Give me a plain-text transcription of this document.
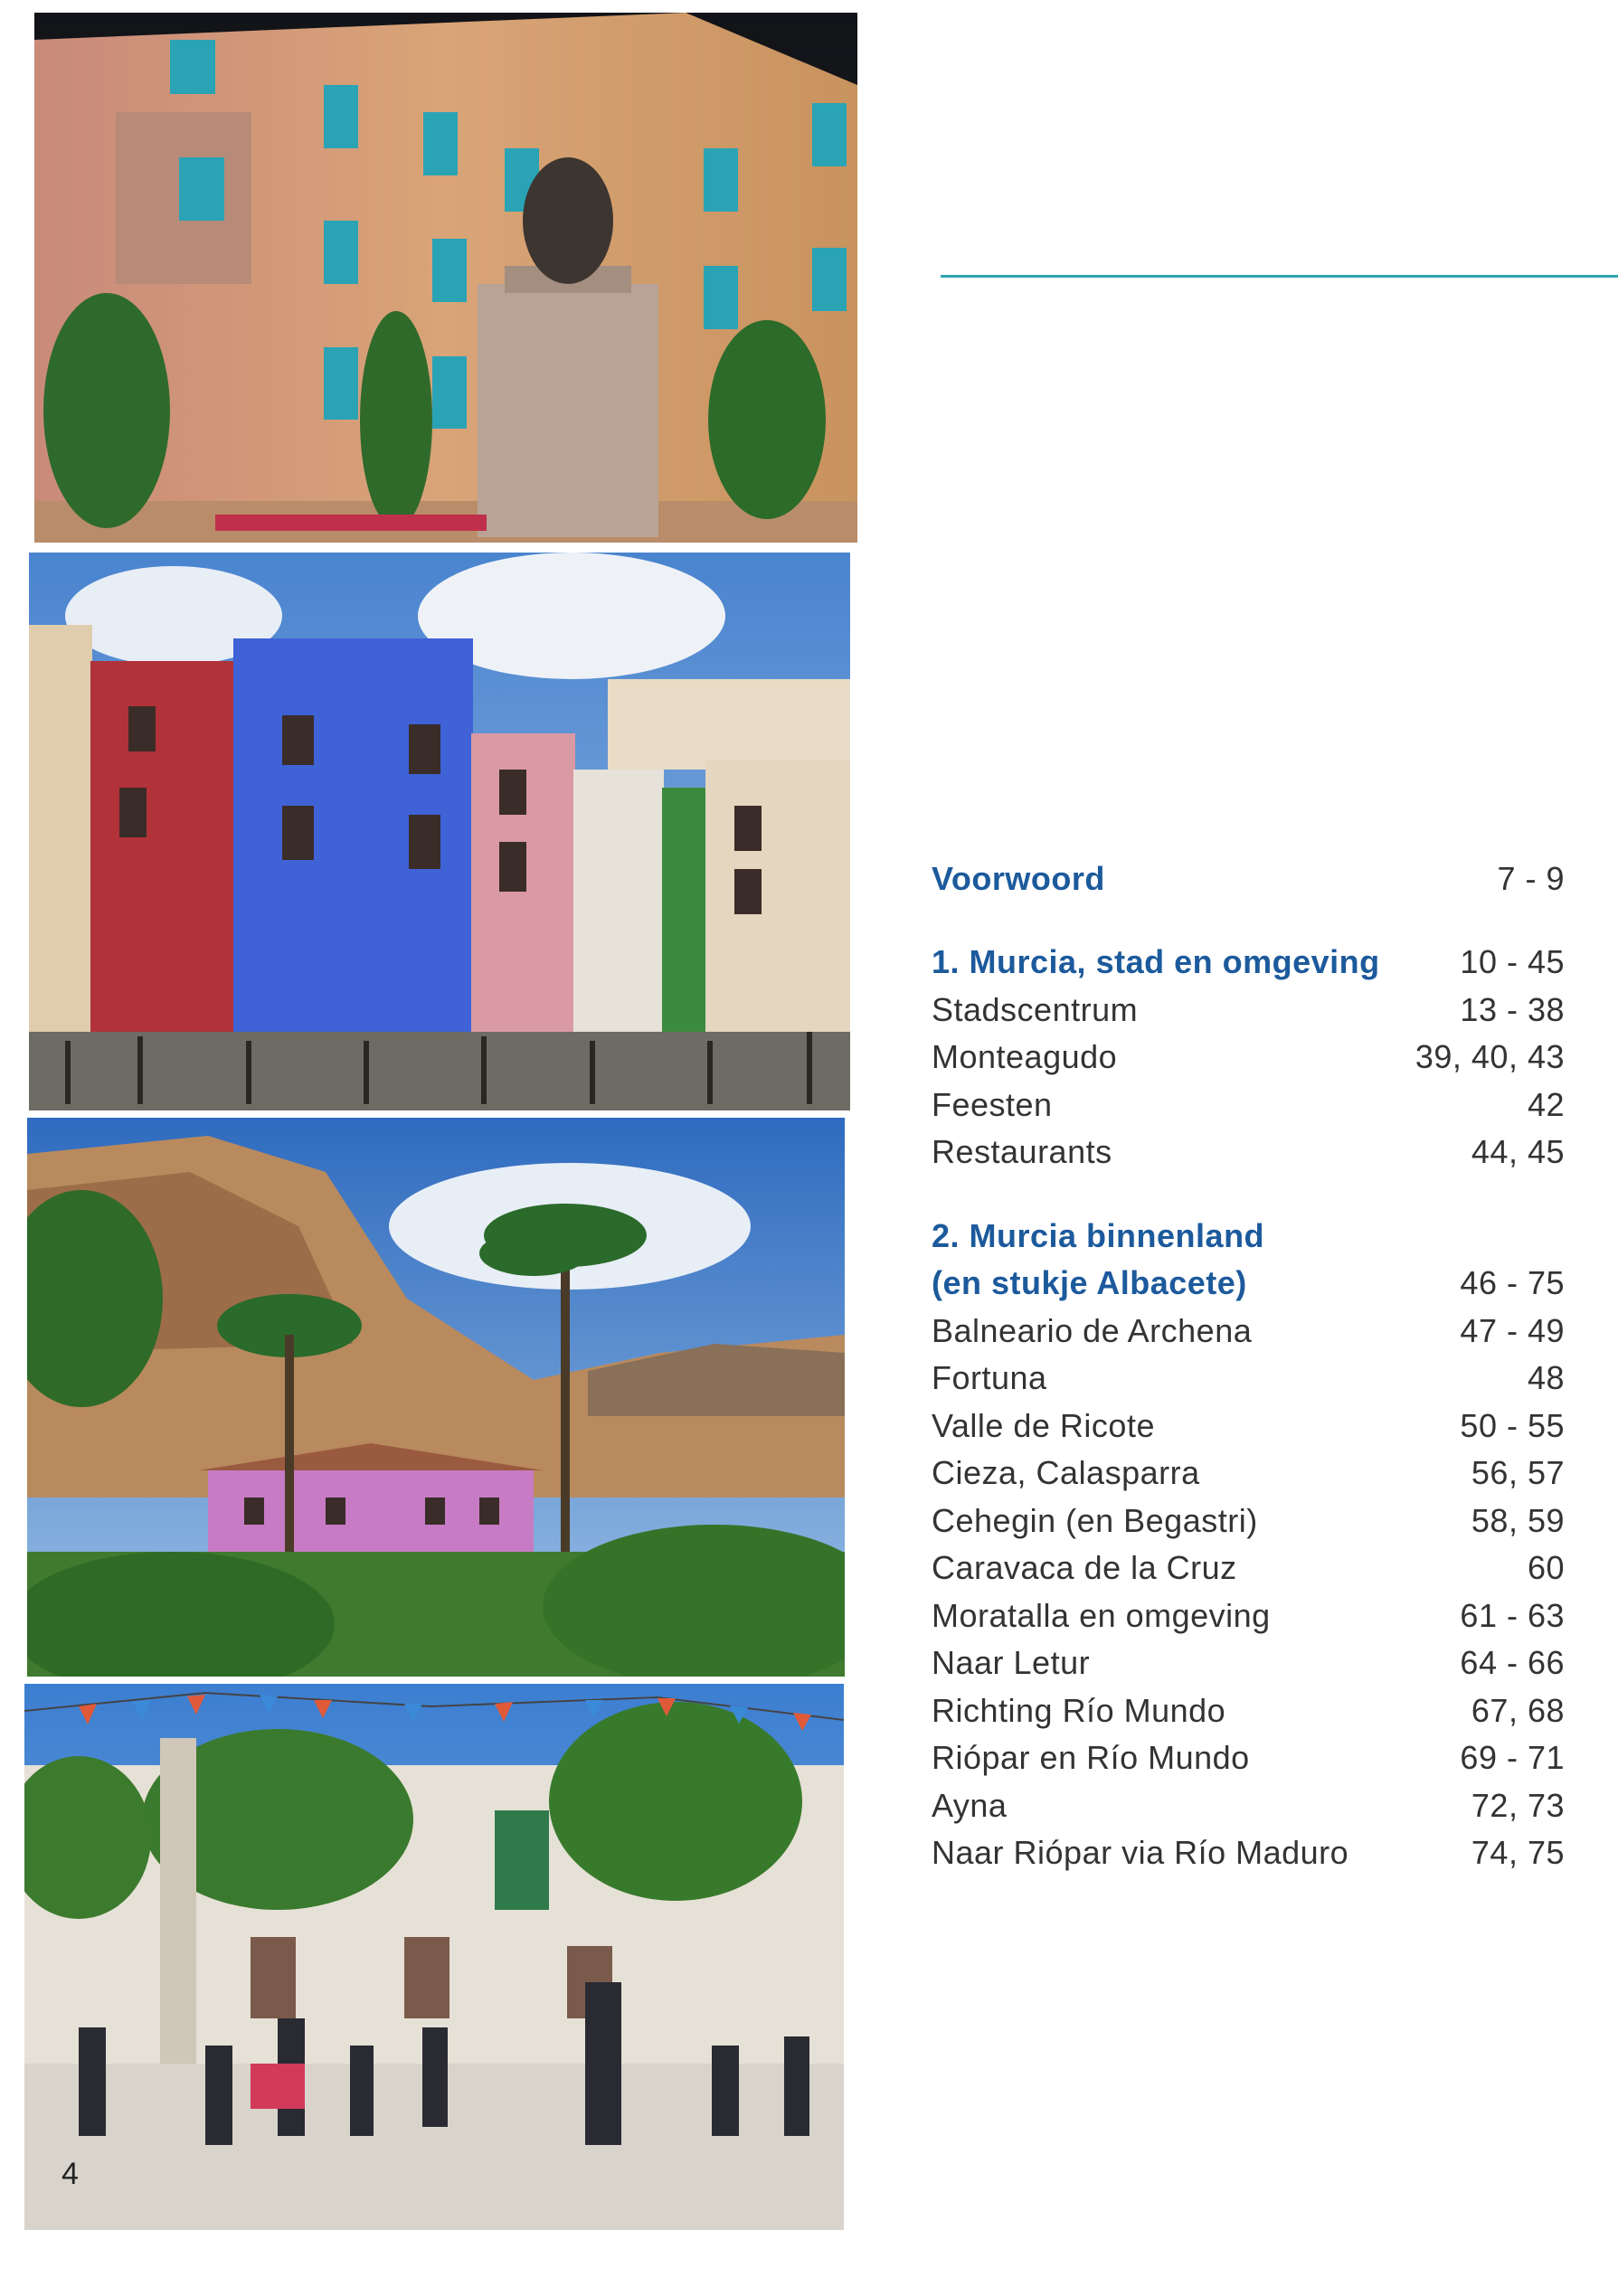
4
Voorwoord	7 - 9
1. Murcia, stad en omgeving 10 - 45
Stadscentrum	13 - 38
Monteagudo	39, 40, 43
Feesten	42
Restaurants	44, 45
2. Murcia binnenland
(en stukje Albacete)	46 - 75
Balneario de Archena	47 - 49
Fortuna	48
Valle de Ricote	50 - 55
Cieza, Calasparra	56, 57
Cehegin (en Begastri)	58, 59
Caravaca de la Cruz	60
Moratalla en omgeving	61 - 63
Naar Letur	64 - 66
Richting Río Mundo	67, 68
Riópar en Río Mundo	69 - 71
Ayna	72, 73
Naar Riópar via Río Maduro	74, 75
